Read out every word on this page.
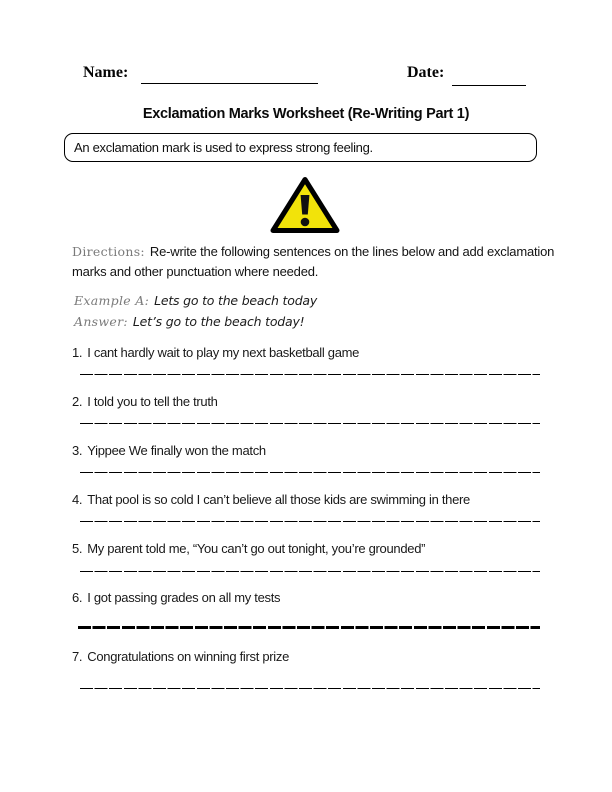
Name:	Date:
Exclamation Marks Worksheet (Re-Writing Part 1)
An exclamation mark is used to express strong feeling.

Directions: Re-write the following sentences on the lines below and add exclamation marks and other punctuation where needed.

Example A: Lets go to the beach today
Answer: Let’s go to the beach today!
1. I cant hardly wait to play my next basketball game
2. I told you to tell the truth
3. Yippee We finally won the match
4. That pool is so cold I can’t believe all those kids are swimming in there
5. My parent told me, “You can’t go out tonight, you’re grounded”
6. I got passing grades on all my tests
7. Congratulations on winning first prize
